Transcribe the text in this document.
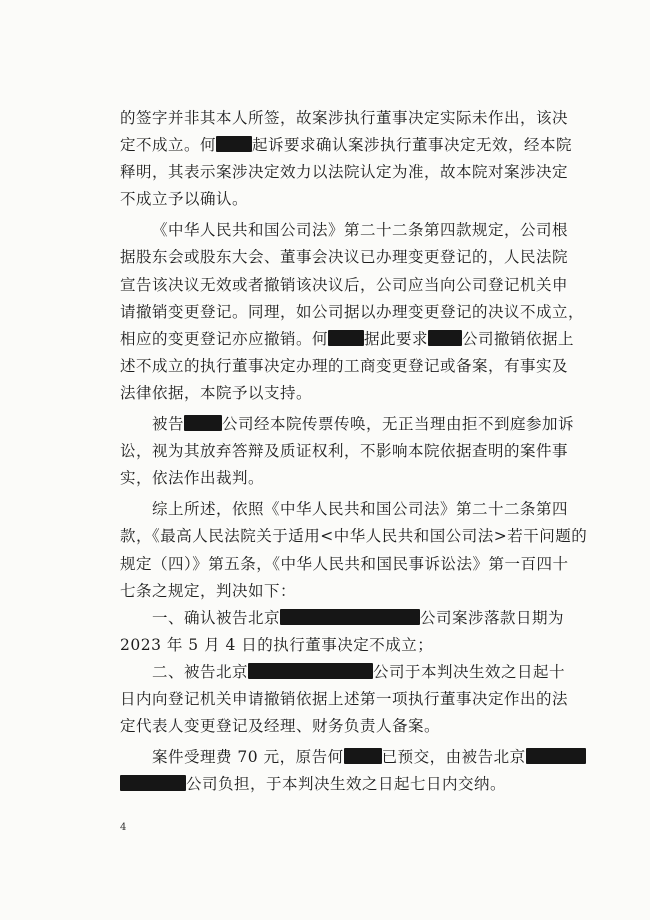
的签字并非其本人所签，故案涉执行董事决定实际未作出，该决
定不成立。何 起诉要求确认案涉执行董事决定无效，经本院
释明，其表示案涉决定效力以法院认定为准，故本院对案涉决定
不成立予以确认。
《中华人民共和国公司法》第二十二条第四款规定，公司根
据股东会或股东大会、董事会决议已办理变更登记的，人民法院
宣告该决议无效或者撤销该决议后，公司应当向公司登记机关申
请撤销变更登记。同理，如公司据以办理变更登记的决议不成立，
相应的变更登记亦应撤销。何 据此要求 公司撤销依据上
述不成立的执行董事决定办理的工商变更登记或备案，有事实及
法律依据，本院予以支持。
被告 公司经本院传票传唤，无正当理由拒不到庭参加诉
讼，视为其放弃答辩及质证权利，不影响本院依据查明的案件事
实，依法作出裁判。
综上所述，依照《中华人民共和国公司法》第二十二条第四
款，《最高人民法院关于适用<中华人民共和国公司法>若干问题的
规定（四）》第五条，《中华人民共和国民事诉讼法》第一百四十
七条之规定，判决如下：
一、确认被告北京	公司案涉落款日期为
2023 年 5 月 4 日的执行董事决定不成立；
二、被告北京	公司于本判决生效之日起十
日内向登记机关申请撤销依据上述第一项执行董事决定作出的法
定代表人变更登记及经理、财务负责人备案。
案件受理费 70 元，原告何 已预交，由被告北京
公司负担，于本判决生效之日起七日内交纳。
4
